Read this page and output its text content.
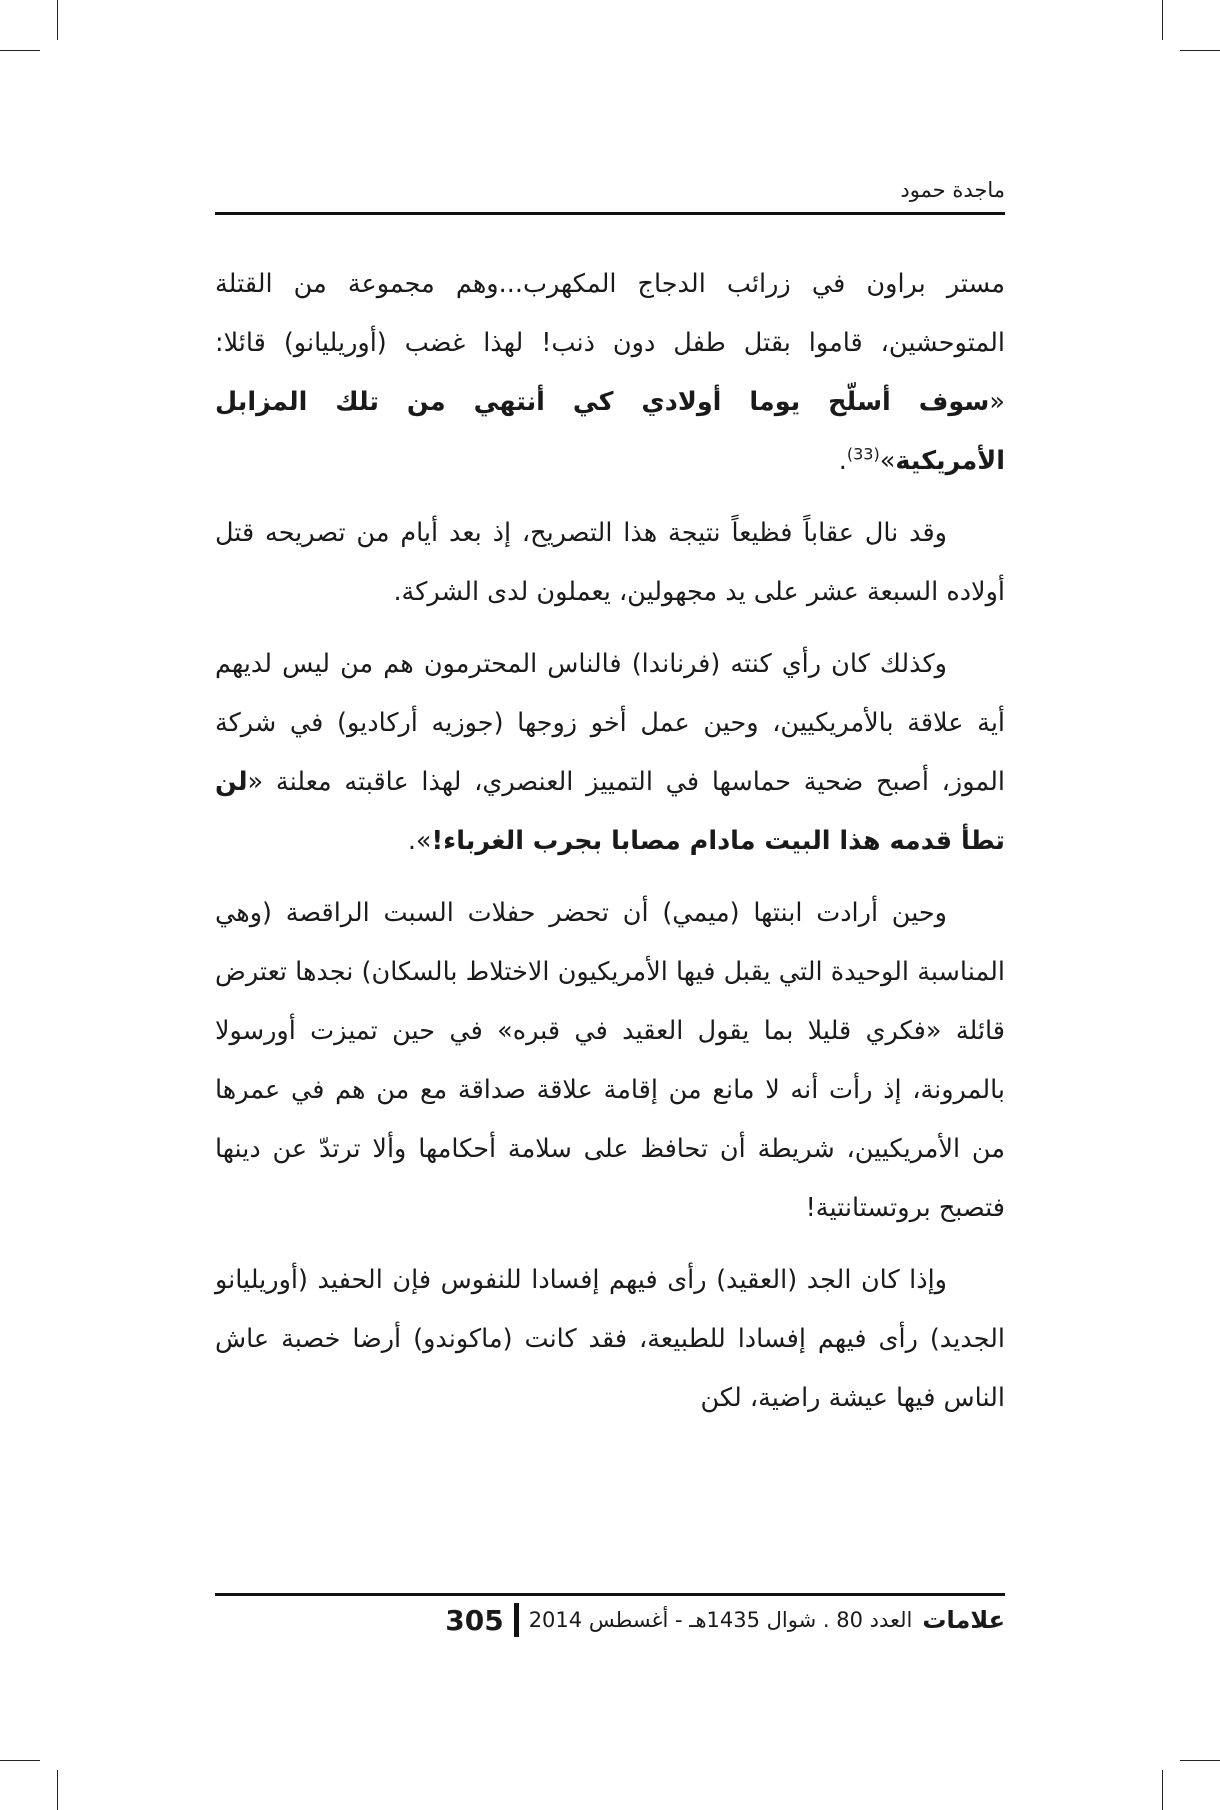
ماجدة حمود

مستر براون في زرائب الدجاج المكهرب...وهم مجموعة من القتلة المتوحشين، قاموا بقتل طفل دون ذنب! لهذا غضب (أوريليانو) قائلا: «سوف أسلّح يوما أولادي كي أنتهي من تلك المزابل الأمريكية»$^{(33)}$.

وقد نال عقاباً فظيعاً نتيجة هذا التصريح، إذ بعد أيام من تصريحه قتل أولاده السبعة عشر على يد مجهولين، يعملون لدى الشركة.

وكذلك كان رأي كنته (فرناندا) فالناس المحترمون هم من ليس لديهم أية علاقة بالأمريكيين، وحين عمل أخو زوجها (جوزيه أركاديو) في شركة الموز، أصبح ضحية حماسها في التمييز العنصري، لهذا عاقبته معلنة «لن تطأ قدمه هذا البيت مادام مصابا بجرب الغرباء!».

وحين أرادت ابنتها (ميمي) أن تحضر حفلات السبت الراقصة (وهي المناسبة الوحيدة التي يقبل فيها الأمريكيون الاختلاط بالسكان) نجدها تعترض قائلة «فكري قليلا بما يقول العقيد في قبره» في حين تميزت أورسولا بالمرونة، إذ رأت أنه لا مانع من إقامة علاقة صداقة مع من هم في عمرها من الأمريكيين، شريطة أن تحافظ على سلامة أحكامها وألا ترتدّ عن دينها فتصبح بروتستانتية!

وإذا كان الجد (العقيد) رأى فيهم إفسادا للنفوس فإن الحفيد (أوريليانو الجديد) رأى فيهم إفسادا للطبيعة، فقد كانت (ماكوندو) أرضا خصبة عاش الناس فيها عيشة راضية، لكن

علامات
العدد 80 . شوال 1435هـ - أغسطس 2014
305
